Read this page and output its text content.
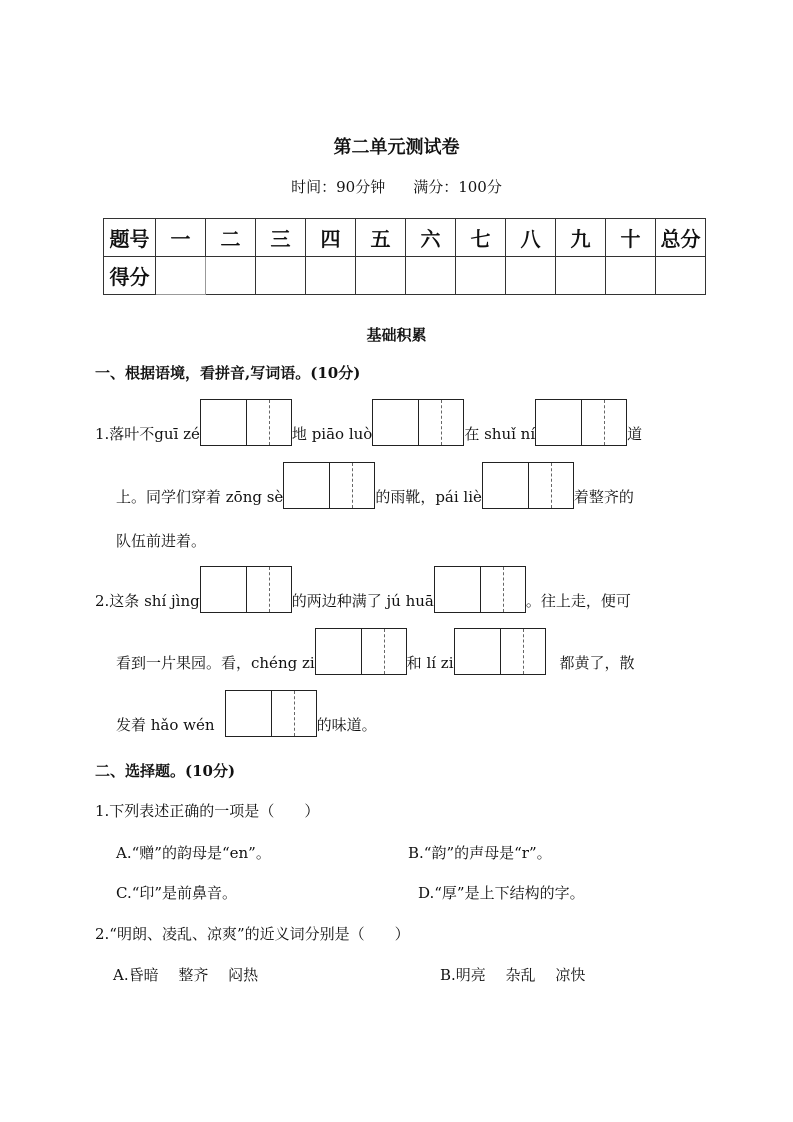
第二单元测试卷
时间：90分钟 满分：100分
题号	一	二	三	四	五	六	七	八	九	十	总分
得分											
基础积累
一、根据语境，看拼音,写词语。(10分)
1.落叶不guī zé	地 piāo luò	在 shuǐ ní	道
上。同学们穿着 zōng sè	的雨靴，pái liè	着整齐的
队伍前进着。
2.这条 shí jìng	的两边种满了 jú huā	。往上走，便可
看到一片果园。看，chéng zi	和 lí zi	都黄了，散
发着 hǎo wén	的味道。
二、选择题。(10分)
1.下列表述正确的一项是（　　）
A.“赠”的韵母是“en”。	B.“韵”的声母是“r”。
C.“印”是前鼻音。	D.“厚”是上下结构的字。
2.“明朗、凌乱、凉爽”的近义词分别是（　　）
A.昏暗　 整齐　 闷热	B.明亮　 杂乱　 凉快
